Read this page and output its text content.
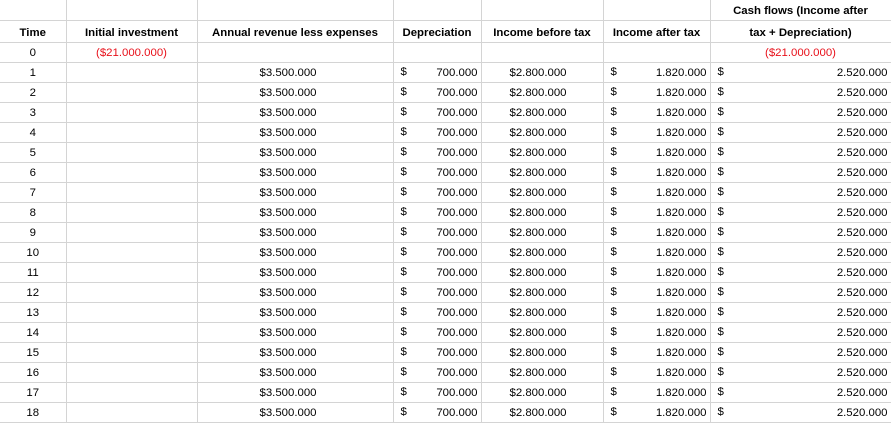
						Cash flows (Income after
Time	Initial investment	Annual revenue less expenses	Depreciation	Income before tax	Income after tax	tax + Depreciation)
0	($21.000.000)					($21.000.000)
1		$3.500.000	$ 700.000	$2.800.000	$ 1.820.000	$ 2.520.000

2		$3.500.000	$ 700.000	$2.800.000	$ 1.820.000	$ 2.520.000

3		$3.500.000	$ 700.000	$2.800.000	$ 1.820.000	$ 2.520.000

4		$3.500.000	$ 700.000	$2.800.000	$ 1.820.000	$ 2.520.000

5		$3.500.000	$ 700.000	$2.800.000	$ 1.820.000	$ 2.520.000

6		$3.500.000	$ 700.000	$2.800.000	$ 1.820.000	$ 2.520.000

7		$3.500.000	$ 700.000	$2.800.000	$ 1.820.000	$ 2.520.000

8		$3.500.000	$ 700.000	$2.800.000	$ 1.820.000	$ 2.520.000

9		$3.500.000	$ 700.000	$2.800.000	$ 1.820.000	$ 2.520.000

10		$3.500.000	$ 700.000	$2.800.000	$ 1.820.000	$ 2.520.000

11		$3.500.000	$ 700.000	$2.800.000	$ 1.820.000	$ 2.520.000

12		$3.500.000	$ 700.000	$2.800.000	$ 1.820.000	$ 2.520.000

13		$3.500.000	$ 700.000	$2.800.000	$ 1.820.000	$ 2.520.000

14		$3.500.000	$ 700.000	$2.800.000	$ 1.820.000	$ 2.520.000

15		$3.500.000	$ 700.000	$2.800.000	$ 1.820.000	$ 2.520.000

16		$3.500.000	$ 700.000	$2.800.000	$ 1.820.000	$ 2.520.000

17		$3.500.000	$ 700.000	$2.800.000	$ 1.820.000	$ 2.520.000

18		$3.500.000	$ 700.000	$2.800.000	$ 1.820.000	$ 2.520.000
